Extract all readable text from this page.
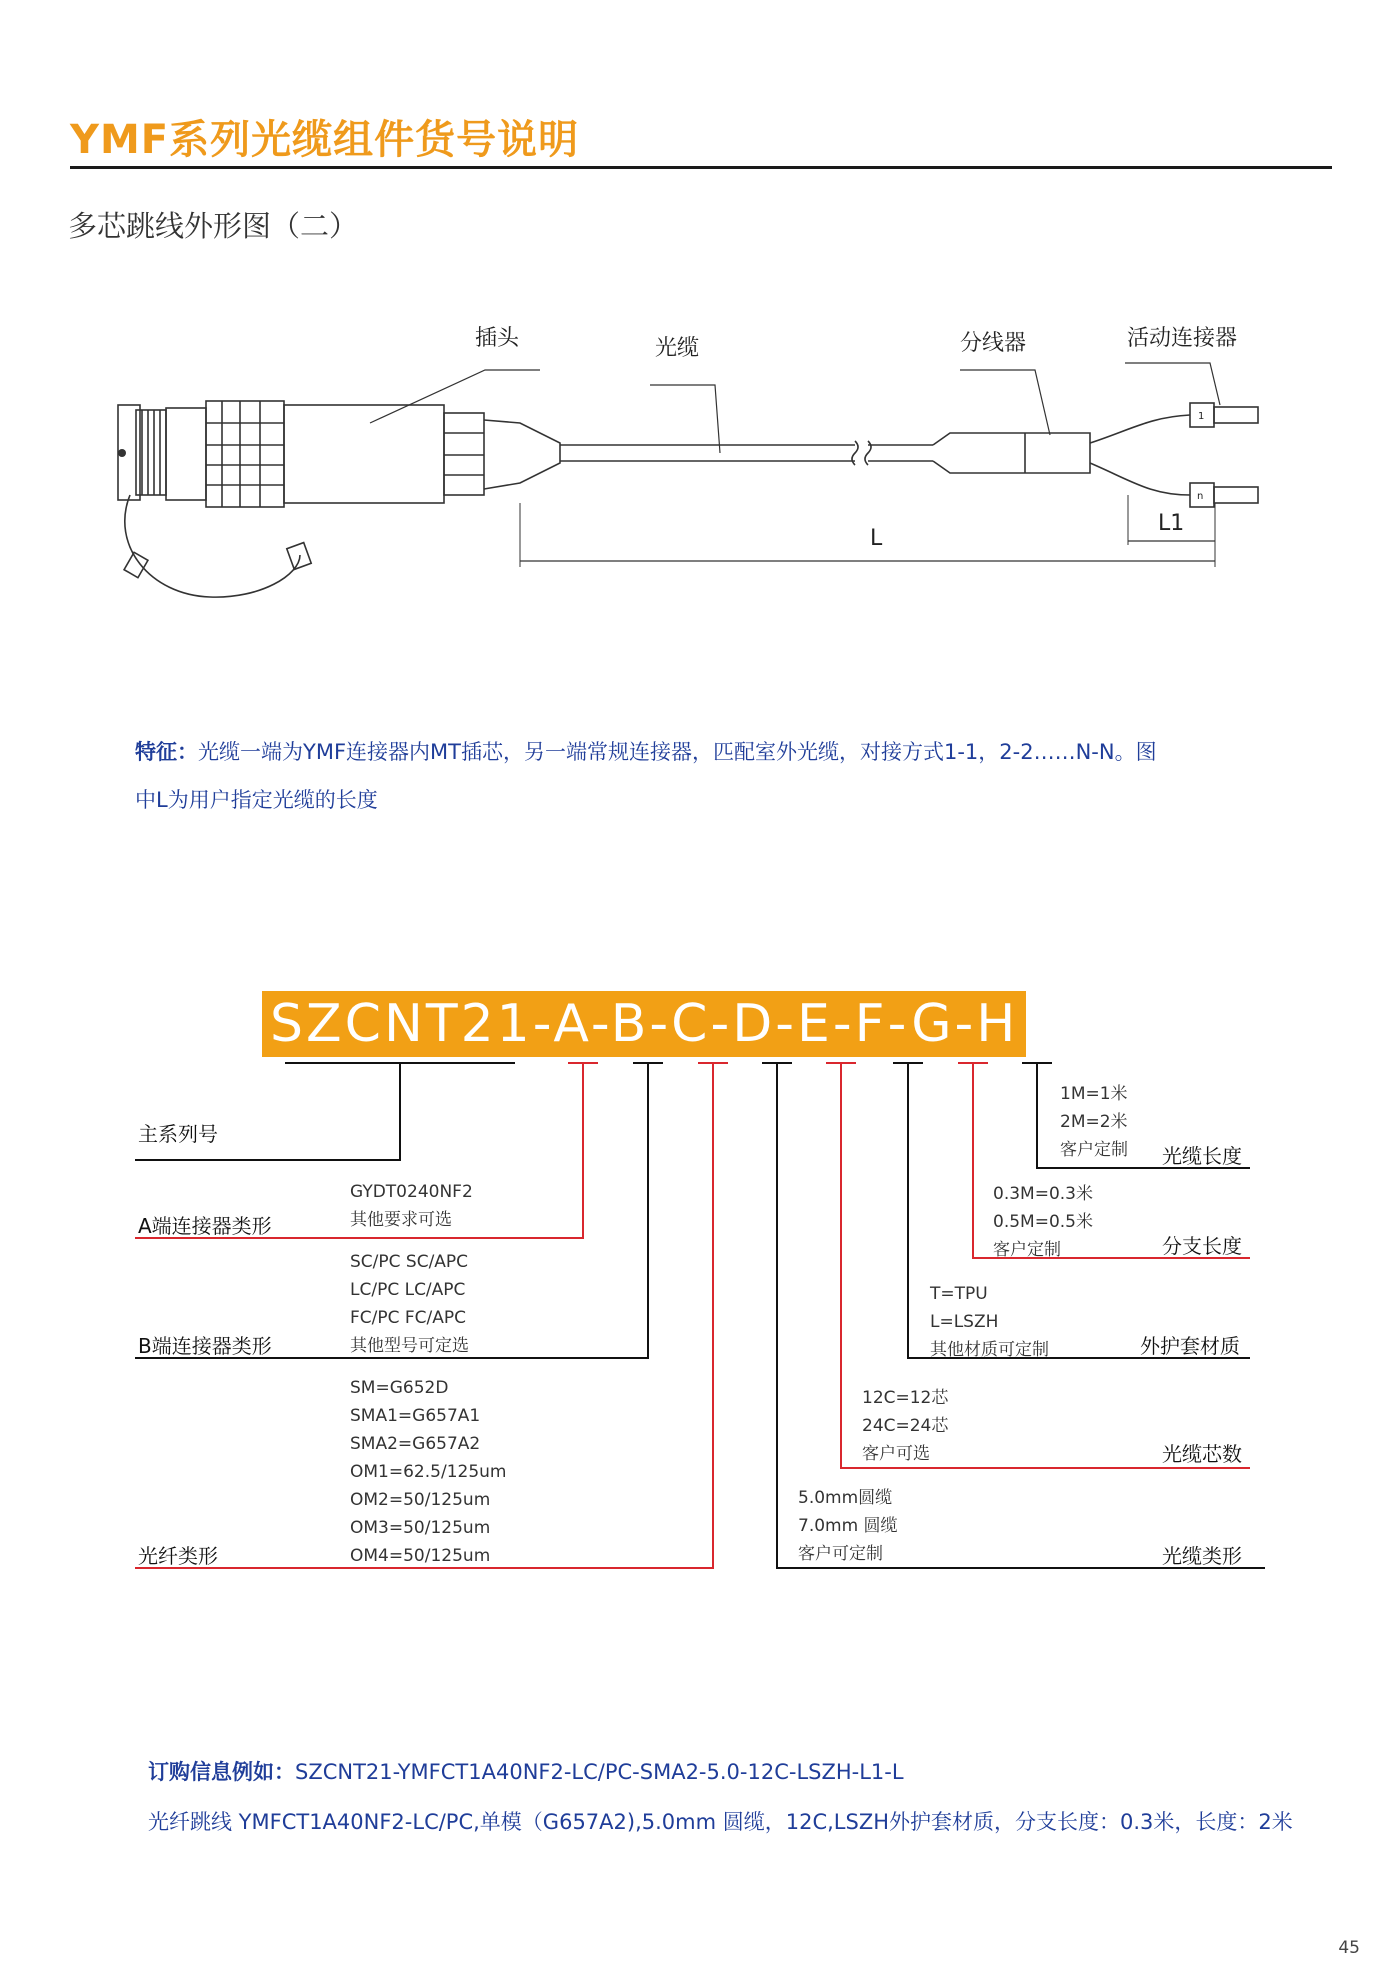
YMF系列光缆组件货号说明
多芯跳线外形图（二）
插头	光缆	分线器	活动连接器
L
L1
1
n
特征：光缆一端为YMF连接器内MT插芯，另一端常规连接器，匹配室外光缆，对接方式1-1，2-2……N-N。图
中L为用户指定光缆的长度
SZCNT21-A-B-C-D-E-F-G-H
主系列号
GYDT0240NF2
其他要求可选
A端连接器类形
SC/PC SC/APC
LC/PC LC/APC
FC/PC FC/APC
其他型号可定选
B端连接器类形
SM=G652D
SMA1=G657A1
SMA2=G657A2
OM1=62.5/125um
OM2=50/125um
OM3=50/125um
OM4=50/125um
光纤类形
1M=1米
2M=2米
客户定制 光缆长度
0.3M=0.3米
0.5M=0.5米
客户定制	分支长度
T=TPU
L=LSZH
其他材质可定制	外护套材质
12C=12芯
24C=24芯
客户可选	光缆芯数
5.0mm圆缆
7.0mm 圆缆
客户可定制	光缆类形
订购信息例如：SZCNT21-YMFCT1A40NF2-LC/PC-SMA2-5.0-12C-LSZH-L1-L
光纤跳线 YMFCT1A40NF2-LC/PC,单模（G657A2),5.0mm 圆缆，12C,LSZH外护套材质，分支长度：0.3米，长度：2米
45
